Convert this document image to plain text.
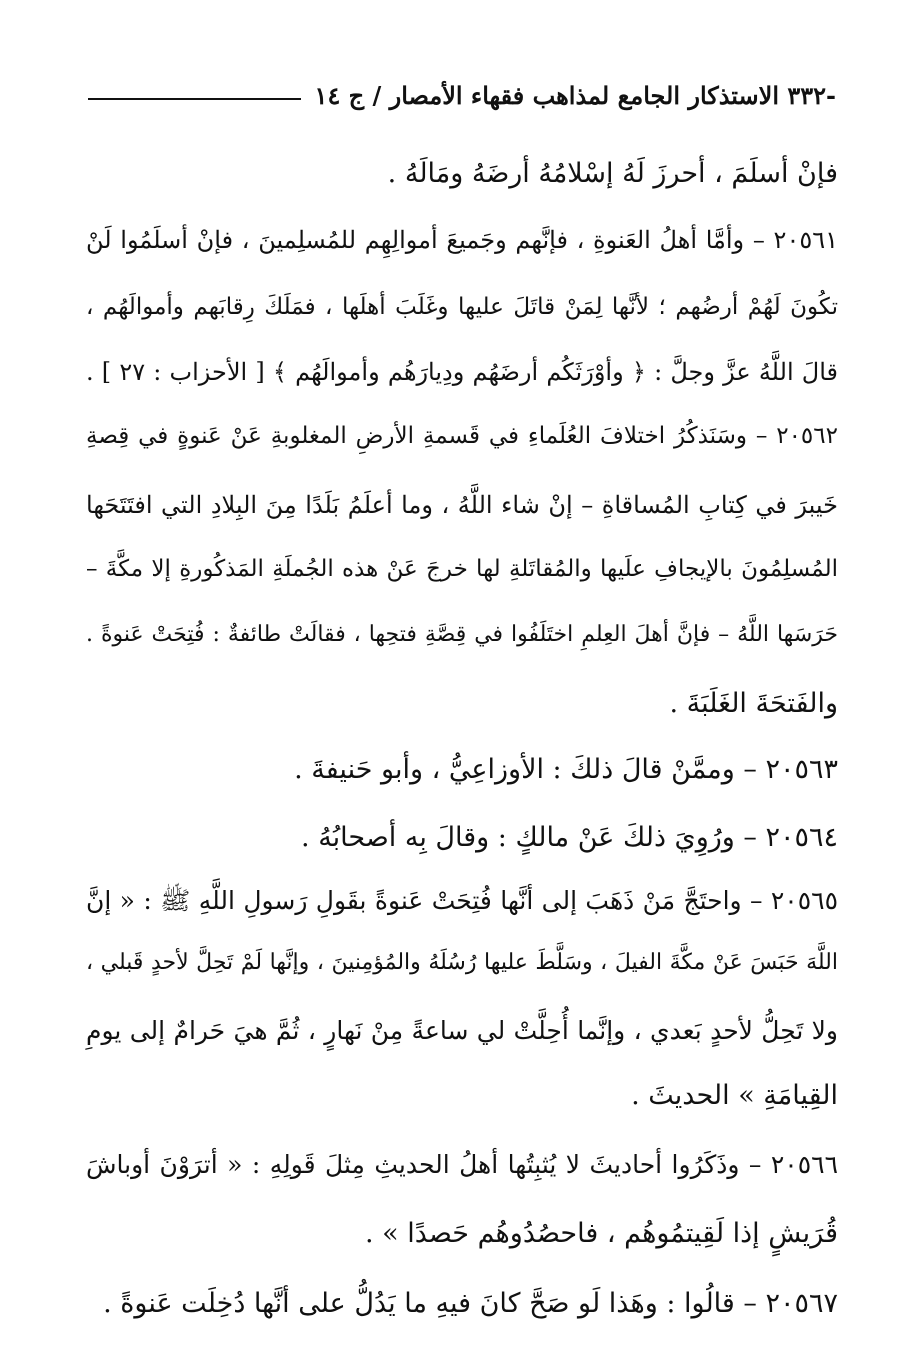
-٣٣٢ الاستذكار الجامع لمذاهب فقهاء الأمصار / ج ١٤
فإنْ أسلَمَ ، أحرزَ لَهُ إسْلامُهُ أرضَهُ ومَالَهُ .
٢٠٥٦١ – وأمَّا أهلُ العَنوةِ ، فإنَّهم وجَميعَ أموالِهِم للمُسلِمينَ ، فإنْ أسلَمُوا لَنْ
تكُونَ لَهُمْ أرضُهم ؛ لأنَّها لِمَنْ قاتَلَ عليها وغَلَبَ أهلَها ، فمَلَكَ رِقابَهم وأموالَهُم ،
قالَ اللَّهُ عزَّ وجلَّ : ﴿ وأوْرَثَكُم أرضَهُم ودِيارَهُم وأموالَهُم ﴾ [ الأحزاب : ٢٧ ] .
٢٠٥٦٢ – وسَنَذكُرُ اختلافَ العُلَماءِ في قَسمةِ الأرضِ المغلوبةِ عَنْ عَنوةٍ في قِصةِ
خَيبرَ في كِتابِ المُساقاةِ – إنْ شاء اللَّهُ ، وما أعلَمُ بَلَدًا مِنَ البِلادِ التي افتَتَحَها
المُسلِمُونَ بالإيجافِ علَيها والمُقاتَلةِ لها خرجَ عَنْ هذه الجُملَةِ المَذكُورةِ إلا مكَّةَ –
حَرَسَها اللَّهُ – فإنَّ أهلَ العِلمِ اختَلَفُوا في قِصَّةِ فتحِها ، فقالَتْ طائفةٌ : فُتِحَتْ عَنوةً .
والفَتحَةَ الغَلَبَةَ .
٢٠٥٦٣ – وممَّنْ قالَ ذلكَ : الأوزاعِيُّ ، وأبو حَنيفةَ .
٢٠٥٦٤ – ورُوِيَ ذلكَ عَنْ مالكٍ : وقالَ بِه أصحابُهُ .
٢٠٥٦٥ – واحتَجَّ مَنْ ذَهَبَ إلى أنَّها فُتِحَتْ عَنوةً بقَولِ رَسولِ اللَّهِ ﷺ : « إنَّ
اللَّهَ حَبَسَ عَنْ مكَّةَ الفيلَ ، وسَلَّطَ عليها رُسُلَهُ والمُؤمِنينَ ، وإنَّها لَمْ تَحِلَّ لأحدٍ قَبلي ،
ولا تَحِلُّ لأحدٍ بَعدي ، وإنَّما أُحِلَّتْ لي ساعةً مِنْ نَهارٍ ، ثُمَّ هيَ حَرامٌ إلى يومِ
القِيامَةِ » الحديثَ .
٢٠٥٦٦ – وذَكَرُوا أحاديثَ لا يُثبِتُها أهلُ الحديثِ مِثلَ قَولِهِ : « أترَوْنَ أوباشَ
قُرَيشٍ إذا لَقِيتمُوهُم ، فاحصُدُوهُم حَصدًا » .
٢٠٥٦٧ – قالُوا : وهَذا لَو صَحَّ كانَ فيهِ ما يَدُلُّ على أنَّها دُخِلَت عَنوةً .
